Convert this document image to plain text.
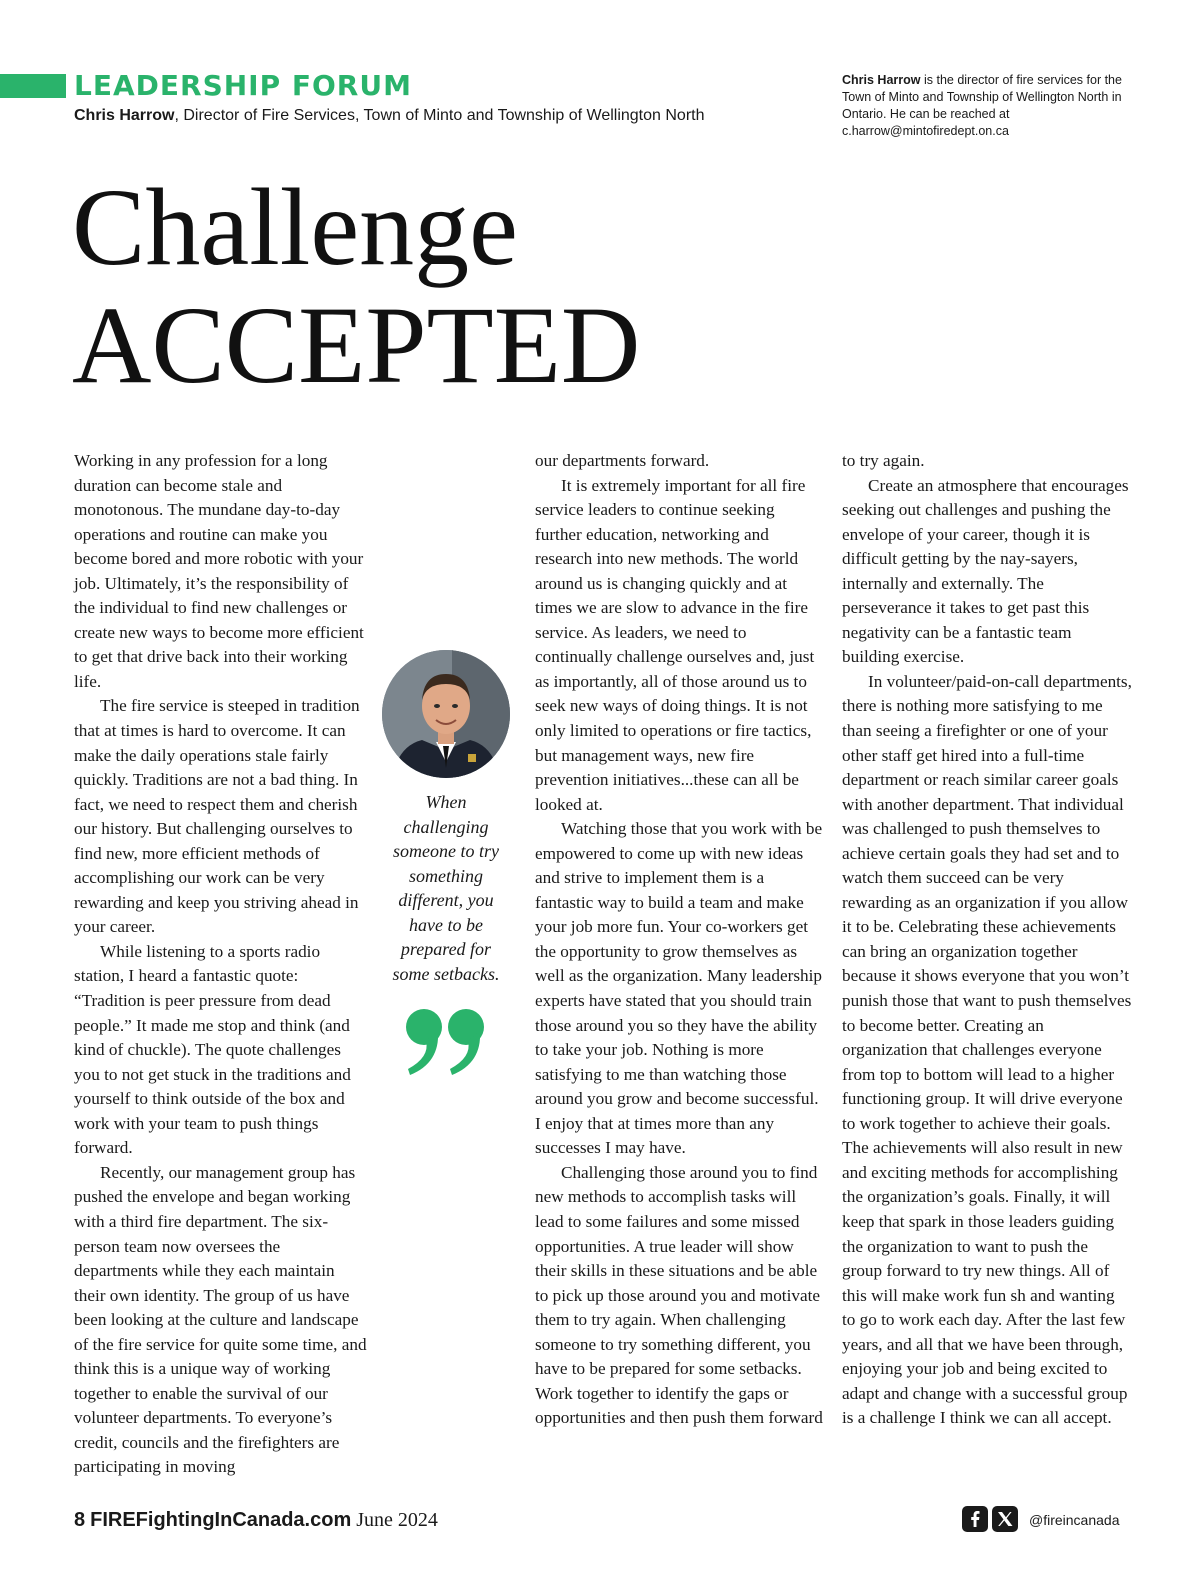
LEADERSHIP FORUM
Chris Harrow, Director of Fire Services, Town of Minto and Township of Wellington North

Chris Harrow is the director of fire services for the Town of Minto and Township of Wellington North in Ontario. He can be reached at c.harrow@mintofiredept.on.ca

Challenge
ACCEPTED

Working in any profession for a long duration can become stale and monotonous. The mundane day-to-day operations and routine can make you become bored and more robotic with your job. Ultimately, it’s the responsibility of the individual to find new challenges or create new ways to become more efficient to get that drive back into their working life.

The fire service is steeped in tradition that at times is hard to overcome. It can make the daily operations stale fairly quickly. Traditions are not a bad thing. In fact, we need to respect them and cherish our history. But challenging ourselves to find new, more efficient methods of accomplishing our work can be very rewarding and keep you striving ahead in your career.

While listening to a sports radio station, I heard a fantastic quote: “Tradition is peer pressure from dead people.” It made me stop and think (and kind of chuckle). The quote challenges you to not get stuck in the traditions and yourself to think outside of the box and work with your team to push things forward.

Recently, our management group has pushed the envelope and began working with a third fire department. The six-person team now oversees the departments while they each maintain their own identity. The group of us have been looking at the culture and landscape of the fire service for quite some time, and think this is a unique way of working together to enable the survival of our volunteer departments. To everyone’s credit, councils and the firefighters are participating in moving

When challenging someone to try something different, you have to be prepared for some setbacks.

our departments forward.

It is extremely important for all fire service leaders to continue seeking further education, networking and research into new methods. The world around us is changing quickly and at times we are slow to advance in the fire service. As leaders, we need to continually challenge ourselves and, just as importantly, all of those around us to seek new ways of doing things. It is not only limited to operations or fire tactics, but management ways, new fire prevention initiatives...these can all be looked at.

Watching those that you work with be empowered to come up with new ideas and strive to implement them is a fantastic way to build a team and make your job more fun. Your co-workers get the opportunity to grow themselves as well as the organization. Many leadership experts have stated that you should train those around you so they have the ability to take your job. Nothing is more satisfying to me than watching those around you grow and become successful. I enjoy that at times more than any successes I may have.

Challenging those around you to find new methods to accomplish tasks will lead to some failures and some missed opportunities. A true leader will show their skills in these situations and be able to pick up those around you and motivate them to try again. When challenging someone to try something different, you have to be prepared for some setbacks. Work together to identify the gaps or opportunities and then push them forward

to try again.

Create an atmosphere that encourages seeking out challenges and pushing the envelope of your career, though it is difficult getting by the nay-sayers, internally and externally. The perseverance it takes to get past this negativity can be a fantastic team building exercise.

In volunteer/paid-on-call departments, there is nothing more satisfying to me than seeing a firefighter or one of your other staff get hired into a full-time department or reach similar career goals with another department. That individual was challenged to push themselves to achieve certain goals they had set and to watch them succeed can be very rewarding as an organization if you allow it to be. Celebrating these achievements can bring an organization together because it shows everyone that you won’t punish those that want to push themselves to become better. Creating an organization that challenges everyone from top to bottom will lead to a higher functioning group. It will drive everyone to work together to achieve their goals. The achievements will also result in new and exciting methods for accomplishing the organization’s goals. Finally, it will keep that spark in those leaders guiding the organization to want to push the group forward to try new things. All of this will make work fun sh and wanting to go to work each day. After the last few years, and all that we have been through, enjoying your job and being excited to adapt and change with a successful group is a challenge I think we can all accept.

8 FIREFightingInCanada.com June 2024
	@fireincanada
